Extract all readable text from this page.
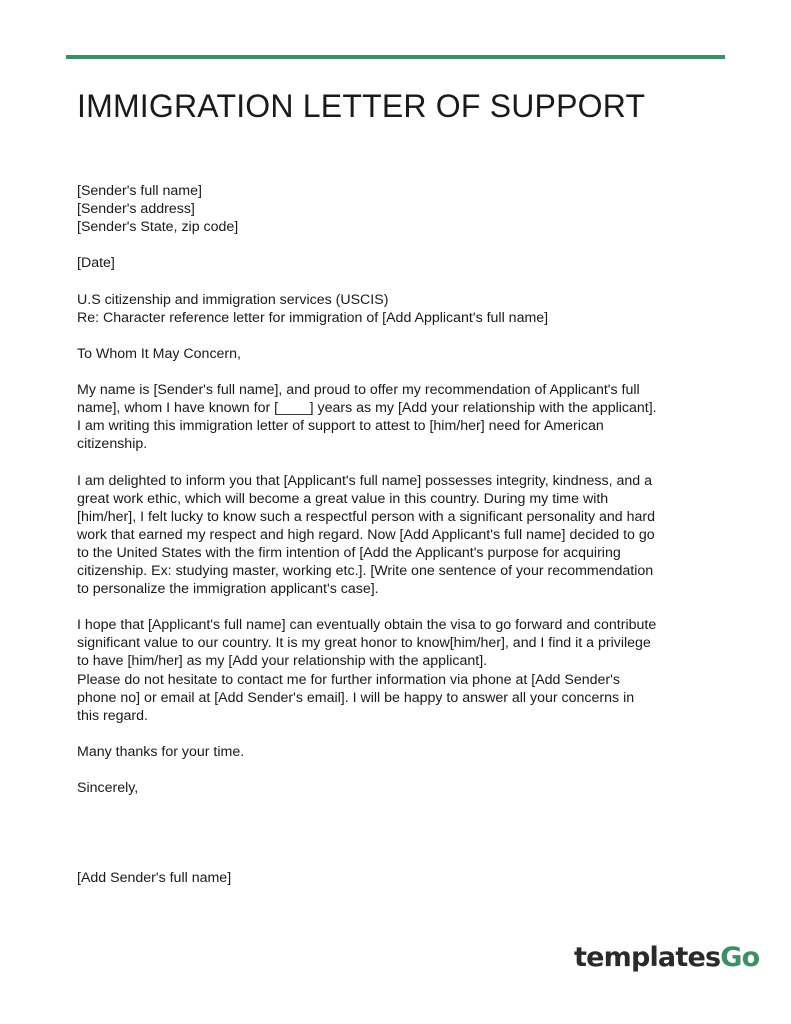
IMMIGRATION LETTER OF SUPPORT
[Sender's full name]
[Sender's address]
[Sender's State, zip code]
[Date]
U.S citizenship and immigration services (USCIS)
Re: Character reference letter for immigration of [Add Applicant's full name]
To Whom It May Concern,
My name is [Sender's full name], and proud to offer my recommendation of Applicant's full
name], whom I have known for [____] years as my [Add your relationship with the applicant].
I am writing this immigration letter of support to attest to [him/her] need for American
citizenship.
I am delighted to inform you that [Applicant's full name] possesses integrity, kindness, and a
great work ethic, which will become a great value in this country. During my time with
[him/her], I felt lucky to know such a respectful person with a significant personality and hard
work that earned my respect and high regard. Now [Add Applicant's full name] decided to go
to the United States with the firm intention of [Add the Applicant's purpose for acquiring
citizenship. Ex: studying master, working etc.]. [Write one sentence of your recommendation
to personalize the immigration applicant's case].
I hope that [Applicant's full name] can eventually obtain the visa to go forward and contribute
significant value to our country. It is my great honor to know[him/her], and I find it a privilege
to have [him/her] as my [Add your relationship with the applicant].
Please do not hesitate to contact me for further information via phone at [Add Sender's
phone no] or email at [Add Sender's email]. I will be happy to answer all your concerns in
this regard.
Many thanks for your time.
Sincerely,
[Add Sender's full name]
templatesGo
